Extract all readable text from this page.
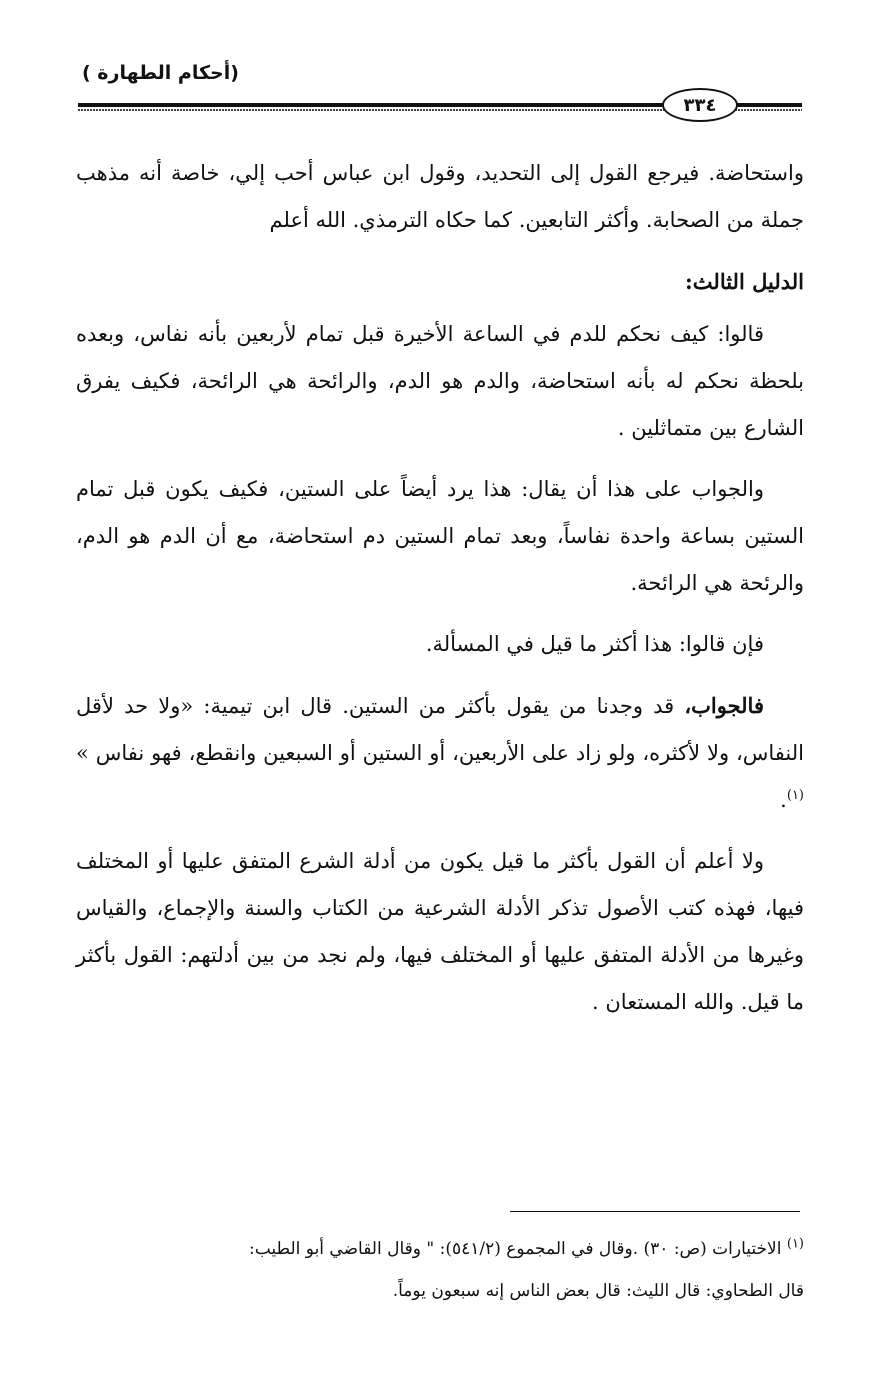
(أحكام الطهارة )
٣٣٤

واستحاضة. فيرجع القول إلى التحديد، وقول ابن عباس أحب إلي، خاصة أنه مذهب جملة من الصحابة. وأكثر التابعين. كما حكاه الترمذي. الله أعلم

الدليل الثالث:

قالوا: كيف نحكم للدم في الساعة الأخيرة قبل تمام لأربعين بأنه نفاس، وبعده بلحظة نحكم له بأنه استحاضة، والدم هو الدم، والرائحة هي الرائحة، فكيف يفرق الشارع بين متماثلين .

والجواب على هذا أن يقال: هذا يرد أيضاً على الستين، فكيف يكون قبل تمام الستين بساعة واحدة نفاساً، وبعد تمام الستين دم استحاضة، مع أن الدم هو الدم، والرئحة هي الرائحة.

فإن قالوا: هذا أكثر ما قيل في المسألة.

فالجواب، قد وجدنا من يقول بأكثر من الستين. قال ابن تيمية: «ولا حد لأقل النفاس، ولا لأكثره، ولو زاد على الأربعين، أو الستين أو السبعين وانقطع، فهو نفاس » $^{(١)}$.

ولا أعلم أن القول بأكثر ما قيل يكون من أدلة الشرع المتفق عليها أو المختلف فيها، فهذه كتب الأصول تذكر الأدلة الشرعية من الكتاب والسنة والإجماع، والقياس وغيرها من الأدلة المتفق عليها أو المختلف فيها، ولم نجد من بين أدلتهم: القول بأكثر ما قيل. والله المستعان .

$^{(١)}$ الاختيارات (ص: ٣٠) .وقال في المجموع (٥٤١/٢): " وقال القاضي أبو الطيب:

قال الطحاوي: قال الليث: قال بعض الناس إنه سبعون يوماً.
